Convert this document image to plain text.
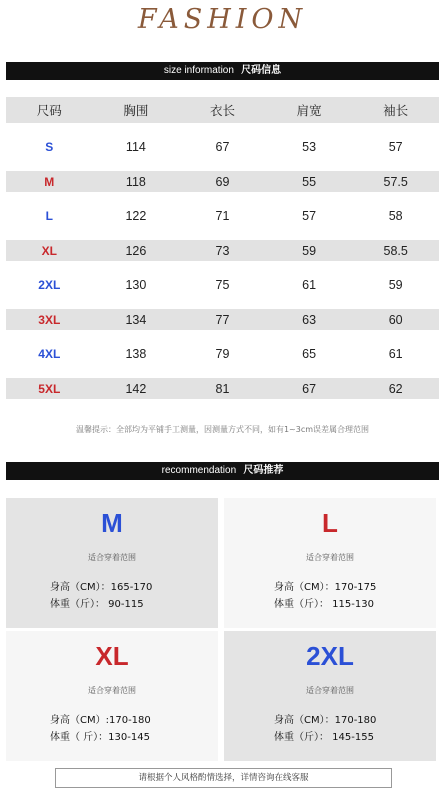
FASHION
size information 尺码信息
尺码	胸围	衣长	肩宽	袖长
S	114	67	53	57
M	118	69	55	57.5
L	122	71	57	58
XL	126	73	59	58.5
2XL	130	75	61	59
3XL	134	77	63	60
4XL	138	79	65	61
5XL	142	81	67	62
温馨提示：全部均为平铺手工测量，因测量方式不同，如有1~3cm误差属合理范围
recommendation 尺码推荐
M
适合穿着范围
身高（CM）：165-170
体重（斤）： 90-115
L
适合穿着范围
身高（CM）：170-175
体重（斤）： 115-130
XL
适合穿着范围
身高（CM）:170-180
体重（ 斤）：130-145
2XL
适合穿着范围
身高（CM）：170-180
体重（斤）： 145-155
请根据个人风格酌情选择，详情咨询在线客服
